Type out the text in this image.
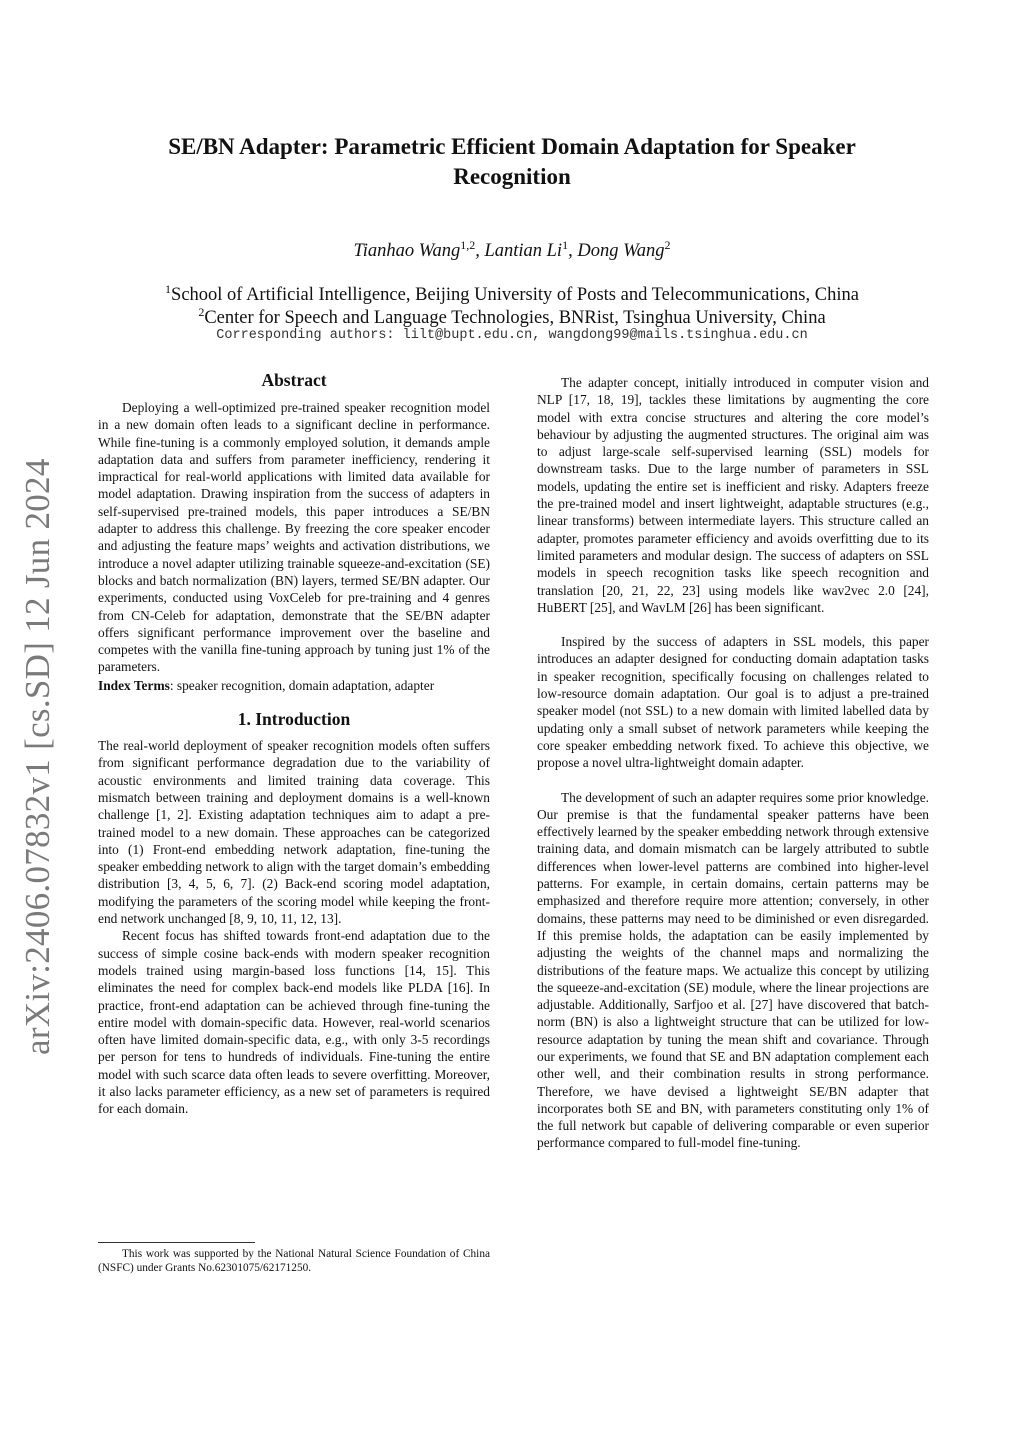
arXiv:2406.07832v1 [cs.SD] 12 Jun 2024
SE/BN Adapter: Parametric Efficient Domain Adaptation for Speaker
Recognition
Tianhao Wang$^{1,2}$, Lantian Li$^1$, Dong Wang$^2$
$^1$School of Artificial Intelligence, Beijing University of Posts and Telecommunications, China
$^2$Center for Speech and Language Technologies, BNRist, Tsinghua University, China
Corresponding authors: lilt@bupt.edu.cn, wangdong99@mails.tsinghua.edu.cn
Abstract

Deploying a well-optimized pre-trained speaker recognition model in a new domain often leads to a significant decline in performance. While fine-tuning is a commonly employed solution, it demands ample adaptation data and suffers from parameter inefficiency, rendering it impractical for real-world applications with limited data available for model adaptation. Drawing inspiration from the success of adapters in self-supervised pre-trained models, this paper introduces a SE/BN adapter to address this challenge. By freezing the core speaker encoder and adjusting the feature maps’ weights and activation distributions, we introduce a novel adapter utilizing trainable squeeze-and-excitation (SE) blocks and batch normalization (BN) layers, termed SE/BN adapter. Our experiments, conducted using VoxCeleb for pre-training and 4 genres from CN-Celeb for adaptation, demonstrate that the SE/BN adapter offers significant performance improvement over the baseline and competes with the vanilla fine-tuning approach by tuning just 1% of the parameters.

Index Terms: speaker recognition, domain adaptation, adapter

1. Introduction

The real-world deployment of speaker recognition models often suffers from significant performance degradation due to the variability of acoustic environments and limited training data coverage. This mismatch between training and deployment domains is a well-known challenge [1, 2]. Existing adaptation techniques aim to adapt a pre-trained model to a new domain. These approaches can be categorized into (1) Front-end embedding network adaptation, fine-tuning the speaker embedding network to align with the target domain’s embedding distribution [3, 4, 5, 6, 7]. (2) Back-end scoring model adaptation, modifying the parameters of the scoring model while keeping the front-end network unchanged [8, 9, 10, 11, 12, 13].

Recent focus has shifted towards front-end adaptation due to the success of simple cosine back-ends with modern speaker recognition models trained using margin-based loss functions [14, 15]. This eliminates the need for complex back-end models like PLDA [16]. In practice, front-end adaptation can be achieved through fine-tuning the entire model with domain-specific data. However, real-world scenarios often have limited domain-specific data, e.g., with only 3-5 recordings per person for tens to hundreds of individuals. Fine-tuning the entire model with such scarce data often leads to severe overfitting. Moreover, it also lacks parameter efficiency, as a new set of parameters is required for each domain.

The adapter concept, initially introduced in computer vision and NLP [17, 18, 19], tackles these limitations by augmenting the core model with extra concise structures and altering the core model’s behaviour by adjusting the augmented structures. The original aim was to adjust large-scale self-supervised learning (SSL) models for downstream tasks. Due to the large number of parameters in SSL models, updating the entire set is inefficient and risky. Adapters freeze the pre-trained model and insert lightweight, adaptable structures (e.g., linear transforms) between intermediate layers. This structure called an adapter, promotes parameter efficiency and avoids overfitting due to its limited parameters and modular design. The success of adapters on SSL models in speech recognition tasks like speech recognition and translation [20, 21, 22, 23] using models like wav2vec 2.0 [24], HuBERT [25], and WavLM [26] has been significant.

Inspired by the success of adapters in SSL models, this paper introduces an adapter designed for conducting domain adaptation tasks in speaker recognition, specifically focusing on challenges related to low-resource domain adaptation. Our goal is to adjust a pre-trained speaker model (not SSL) to a new domain with limited labelled data by updating only a small subset of network parameters while keeping the core speaker embedding network fixed. To achieve this objective, we propose a novel ultra-lightweight domain adapter.

The development of such an adapter requires some prior knowledge. Our premise is that the fundamental speaker patterns have been effectively learned by the speaker embedding network through extensive training data, and domain mismatch can be largely attributed to subtle differences when lower-level patterns are combined into higher-level patterns. For example, in certain domains, certain patterns may be emphasized and therefore require more attention; conversely, in other domains, these patterns may need to be diminished or even disregarded. If this premise holds, the adaptation can be easily implemented by adjusting the weights of the channel maps and normalizing the distributions of the feature maps. We actualize this concept by utilizing the squeeze-and-excitation (SE) module, where the linear projections are adjustable. Additionally, Sarfjoo et al. [27] have discovered that batch-norm (BN) is also a lightweight structure that can be utilized for low-resource adaptation by tuning the mean shift and covariance. Through our experiments, we found that SE and BN adaptation complement each other well, and their combination results in strong performance. Therefore, we have devised a lightweight SE/BN adapter that incorporates both SE and BN, with parameters constituting only 1% of the full network but capable of delivering comparable or even superior performance compared to full-model fine-tuning.

This work was supported by the National Natural Science Foundation of China (NSFC) under Grants No.62301075/62171250.
